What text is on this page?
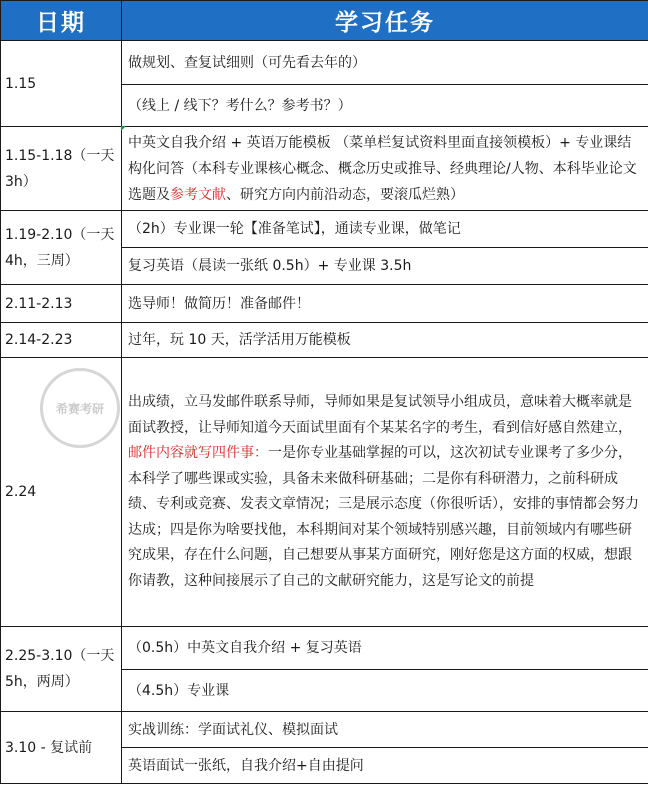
日期	学习任务
1.15	做规划、查复试细则（可先看去年的）
	（线上 / 线下？考什么？参考书？）
1.15-1.18（一天 3h）	中英文自我介绍 + 英语万能模板 （菜单栏复试资料里面直接领模板）+ 专业课结构化问答（本科专业课核心概念、概念历史或推导、经典理论/人物、本科毕业论文选题及参考文献、研究方向内前沿动态，要滚瓜烂熟）
1.19-2.10（一天 4h，三周）	（2h）专业课一轮【准备笔试】，通读专业课，做笔记
	复习英语（晨读一张纸 0.5h）+ 专业课 3.5h
2.11-2.13	选导师！做简历！准备邮件！
2.14-2.23	过年，玩 10 天，活学活用万能模板
2.24	出成绩，立马发邮件联系导师，导师如果是复试领导小组成员，意味着大概率就是面试教授，让导师知道今天面试里面有个某某名字的考生，看到信好感自然建立，邮件内容就写四件事：一是你专业基础掌握的可以，这次初试专业课考了多少分，本科学了哪些课或实验，具备未来做科研基础；二是你有科研潜力，之前科研成绩、专利或竞赛、发表文章情况；三是展示态度（你很听话），安排的事情都会努力达成；四是你为啥要找他，本科期间对某个领域特别感兴趣，目前领域内有哪些研究成果，存在什么问题，自己想要从事某方面研究，刚好您是这方面的权威，想跟你请教，这种间接展示了自己的文献研究能力，这是写论文的前提
2.25-3.10（一天 5h，两周）	（0.5h）中英文自我介绍 + 复习英语
	（4.5h）专业课
3.10 - 复试前	实战训练：学面试礼仪、模拟面试
	英语面试一张纸，自我介绍+自由提问
希赛考研
